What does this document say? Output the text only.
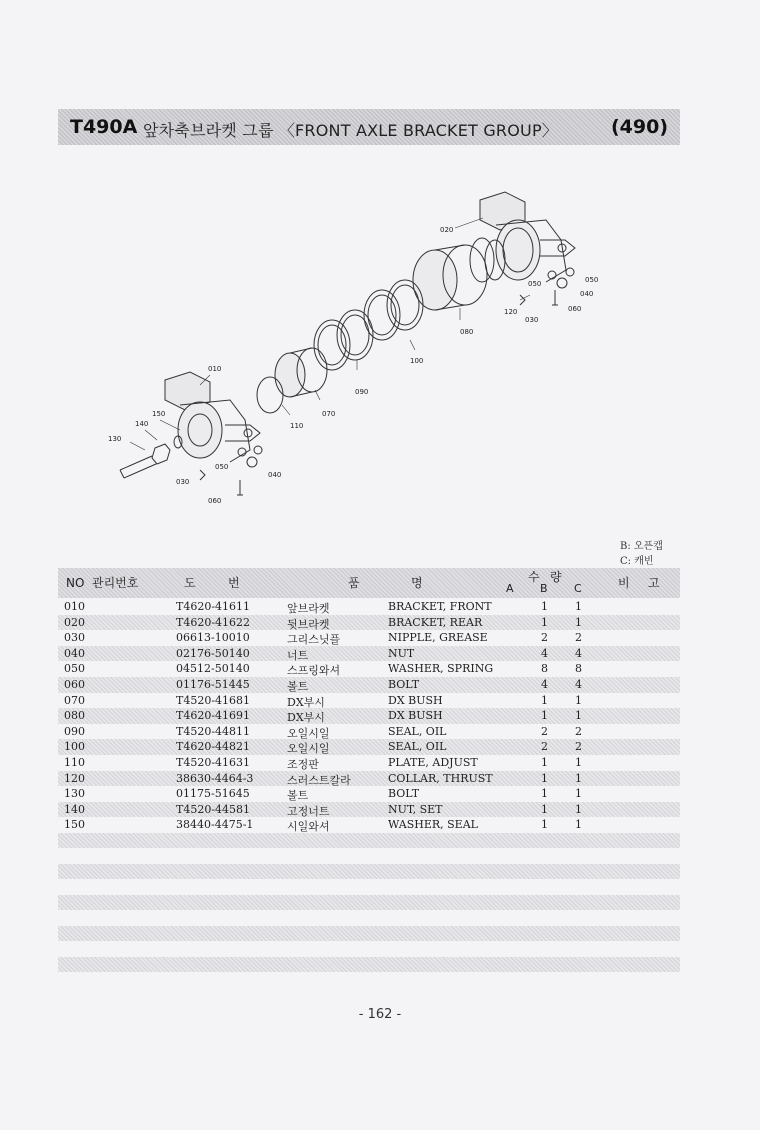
T490A 앞차축브라켓 그룹 〈FRONT AXLE BRACKET GROUP〉	(490)
020
050
050
040
060
120
030
080
100
090
010
070
110
150
140
130
050
040
030
060
B: 오픈캡
C: 캐빈
NO 관리번호	도	번	품	명	수 량
A B C	비 고
010	T4620-41611	앞브라켓	BRACKET, FRONT	1 1
020	T4620-41622	뒷브라켓	BRACKET, REAR	1 1
030	06613-10010	그리스닛플	NIPPLE, GREASE	2 2
040	02176-50140	너트	NUT	4 4
050	04512-50140	스프링와셔	WASHER, SPRING	8 8
060	01176-51445	볼트	BOLT	4 4
070	T4520-41681	DX부시	DX BUSH	1 1
080	T4620-41691	DX부시	DX BUSH	1 1
090	T4520-44811	오일시일	SEAL, OIL	2 2
100	T4620-44821	오일시일	SEAL, OIL	2 2
110	T4520-41631	조정판	PLATE, ADJUST	1 1
120	38630-4464-3	스러스트칼라	COLLAR, THRUST	1 1
130	01175-51645	볼트	BOLT	1 1
140	T4520-44581	고정너트	NUT, SET	1 1
150	38440-4475-1	시일와셔	WASHER, SEAL	1 1
- 162 -
